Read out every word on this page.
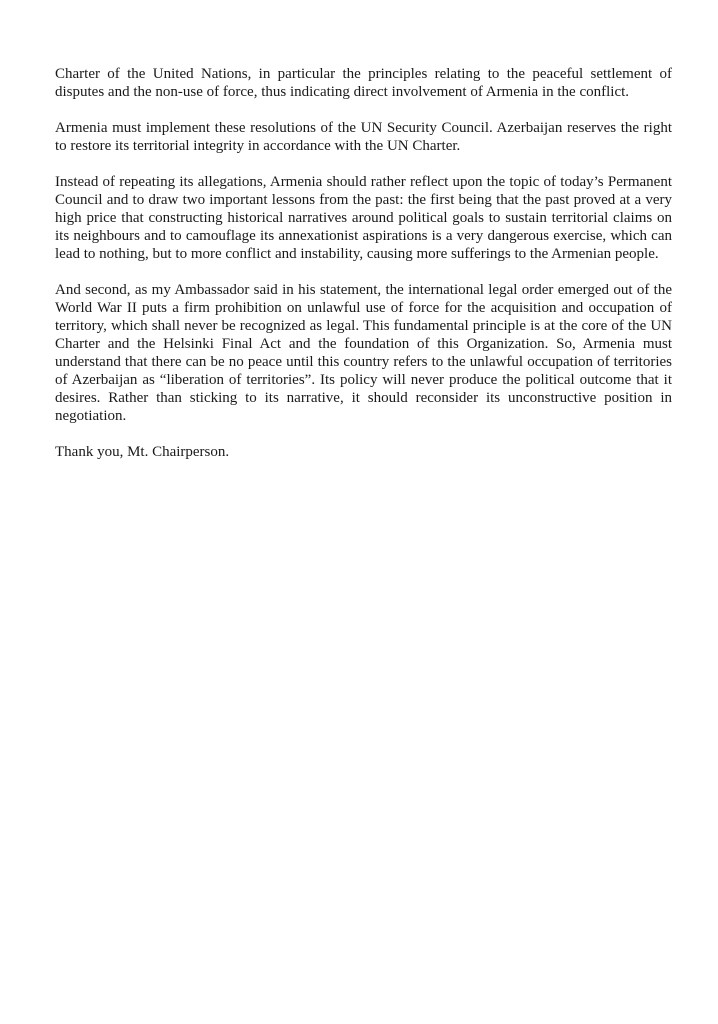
Charter of the United Nations, in particular the principles relating to the peaceful settlement of disputes and the non-use of force, thus indicating direct involvement of Armenia in the conflict.

Armenia must implement these resolutions of the UN Security Council. Azerbaijan reserves the right to restore its territorial integrity in accordance with the UN Charter.

Instead of repeating its allegations, Armenia should rather reflect upon the topic of today’s Permanent Council and to draw two important lessons from the past: the first being that the past proved at a very high price that constructing historical narratives around political goals to sustain territorial claims on its neighbours and to camouflage its annexationist aspirations is a very dangerous exercise, which can lead to nothing, but to more conflict and instability, causing more sufferings to the Armenian people.

And second, as my Ambassador said in his statement, the international legal order emerged out of the World War II puts a firm prohibition on unlawful use of force for the acquisition and occupation of territory, which shall never be recognized as legal. This fundamental principle is at the core of the UN Charter and the Helsinki Final Act and the foundation of this Organization. So, Armenia must understand that there can be no peace until this country refers to the unlawful occupation of territories of Azerbaijan as “liberation of territories”. Its policy will never produce the political outcome that it desires. Rather than sticking to its narrative, it should reconsider its unconstructive position in negotiation.

Thank you, Mt. Chairperson.
